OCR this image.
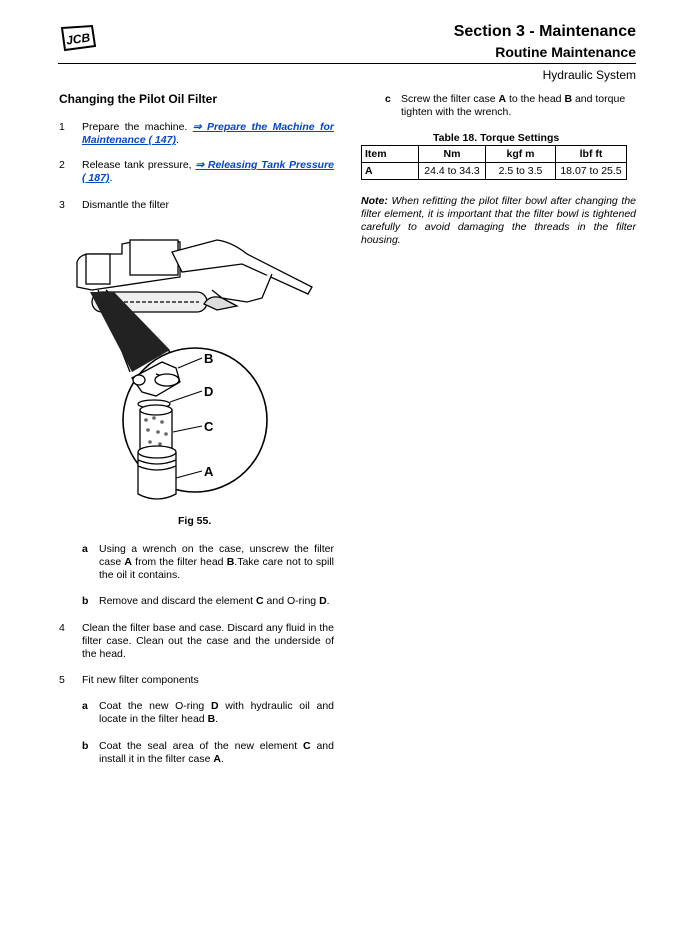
JCB	Section 3 - Maintenance
Routine Maintenance
Hydraulic System
Changing the Pilot Oil Filter
1	Prepare the machine. ⇒ Prepare the Machine for Maintenance ( 147).
2	Release tank pressure, ⇒ Releasing Tank Pressure ( 187).
3	Dismantle the filter
B
D
C
A
Fig 55.
a Using a wrench on the case, unscrew the filter case A from the filter head B.Take care not to spill the oil it contains.
b Remove and discard the element C and O-ring D.
4	Clean the filter base and case. Discard any fluid in the filter case. Clean out the case and the underside of the head.
5	Fit new filter components
a Coat the new O-ring D with hydraulic oil and locate in the filter head B.
b Coat the seal area of the new element C and install it in the filter case A.
c Screw the filter case A to the head B and torque tighten with the wrench.
Table 18. Torque Settings
Item	Nm	kgf m	lbf ft
A	24.4 to 34.3	2.5 to 3.5	18.07 to 25.5
Note: When refitting the pilot filter bowl after changing the filter element, it is important that the filter bowl is tightened carefully to avoid damaging the threads in the filter housing.
